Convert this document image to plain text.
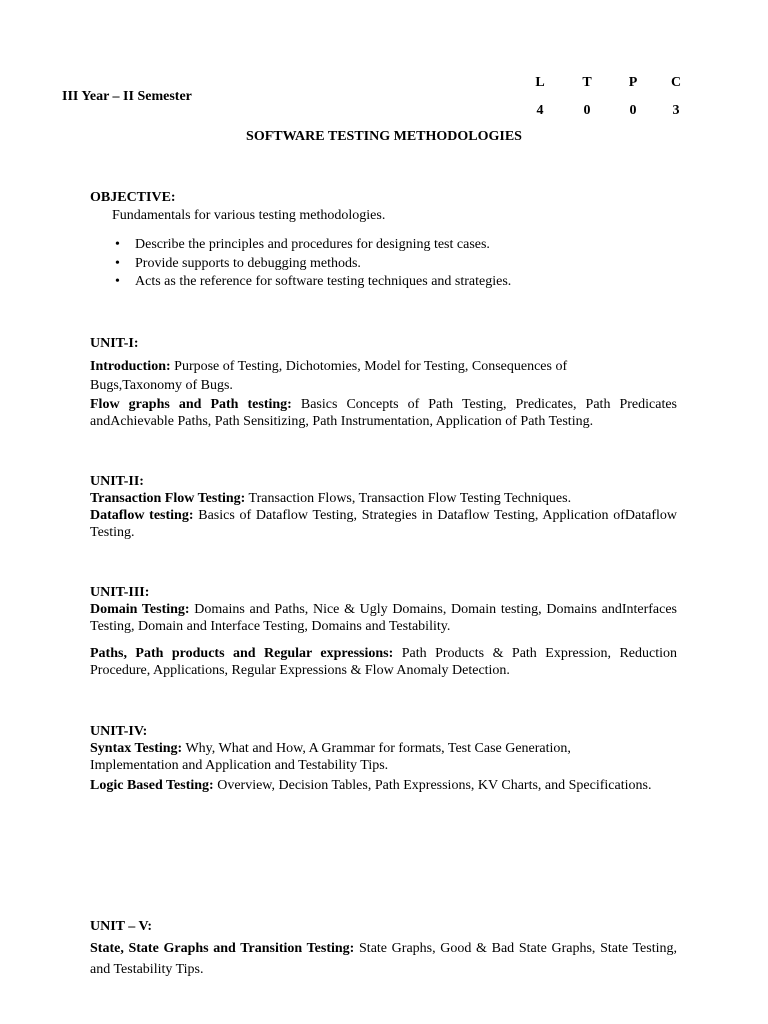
III Year – II Semester
L	T	P	C
4	0	0	3
SOFTWARE TESTING METHODOLOGIES
OBJECTIVE:
Fundamentals for various testing methodologies.
• Describe the principles and procedures for designing test cases.
• Provide supports to debugging methods.
• Acts as the reference for software testing techniques and strategies.
UNIT-I:
Introduction: Purpose of Testing, Dichotomies, Model for Testing, Consequences of Bugs,Taxonomy of Bugs.
Flow graphs and Path testing: Basics Concepts of Path Testing, Predicates, Path Predicates andAchievable Paths, Path Sensitizing, Path Instrumentation, Application of Path Testing.
UNIT-II:
Transaction Flow Testing: Transaction Flows, Transaction Flow Testing Techniques.
Dataflow testing: Basics of Dataflow Testing, Strategies in Dataflow Testing, Application ofDataflow Testing.
UNIT-III:
Domain Testing: Domains and Paths, Nice & Ugly Domains, Domain testing, Domains andInterfaces Testing, Domain and Interface Testing, Domains and Testability.
Paths, Path products and Regular expressions: Path Products & Path Expression, Reduction Procedure, Applications, Regular Expressions & Flow Anomaly Detection.
UNIT-IV:
Syntax Testing: Why, What and How, A Grammar for formats, Test Case Generation, Implementation and Application and Testability Tips.
Logic Based Testing: Overview, Decision Tables, Path Expressions, KV Charts, and Specifications.
UNIT – V:
State, State Graphs and Transition Testing: State Graphs, Good & Bad State Graphs, State Testing, and Testability Tips.
